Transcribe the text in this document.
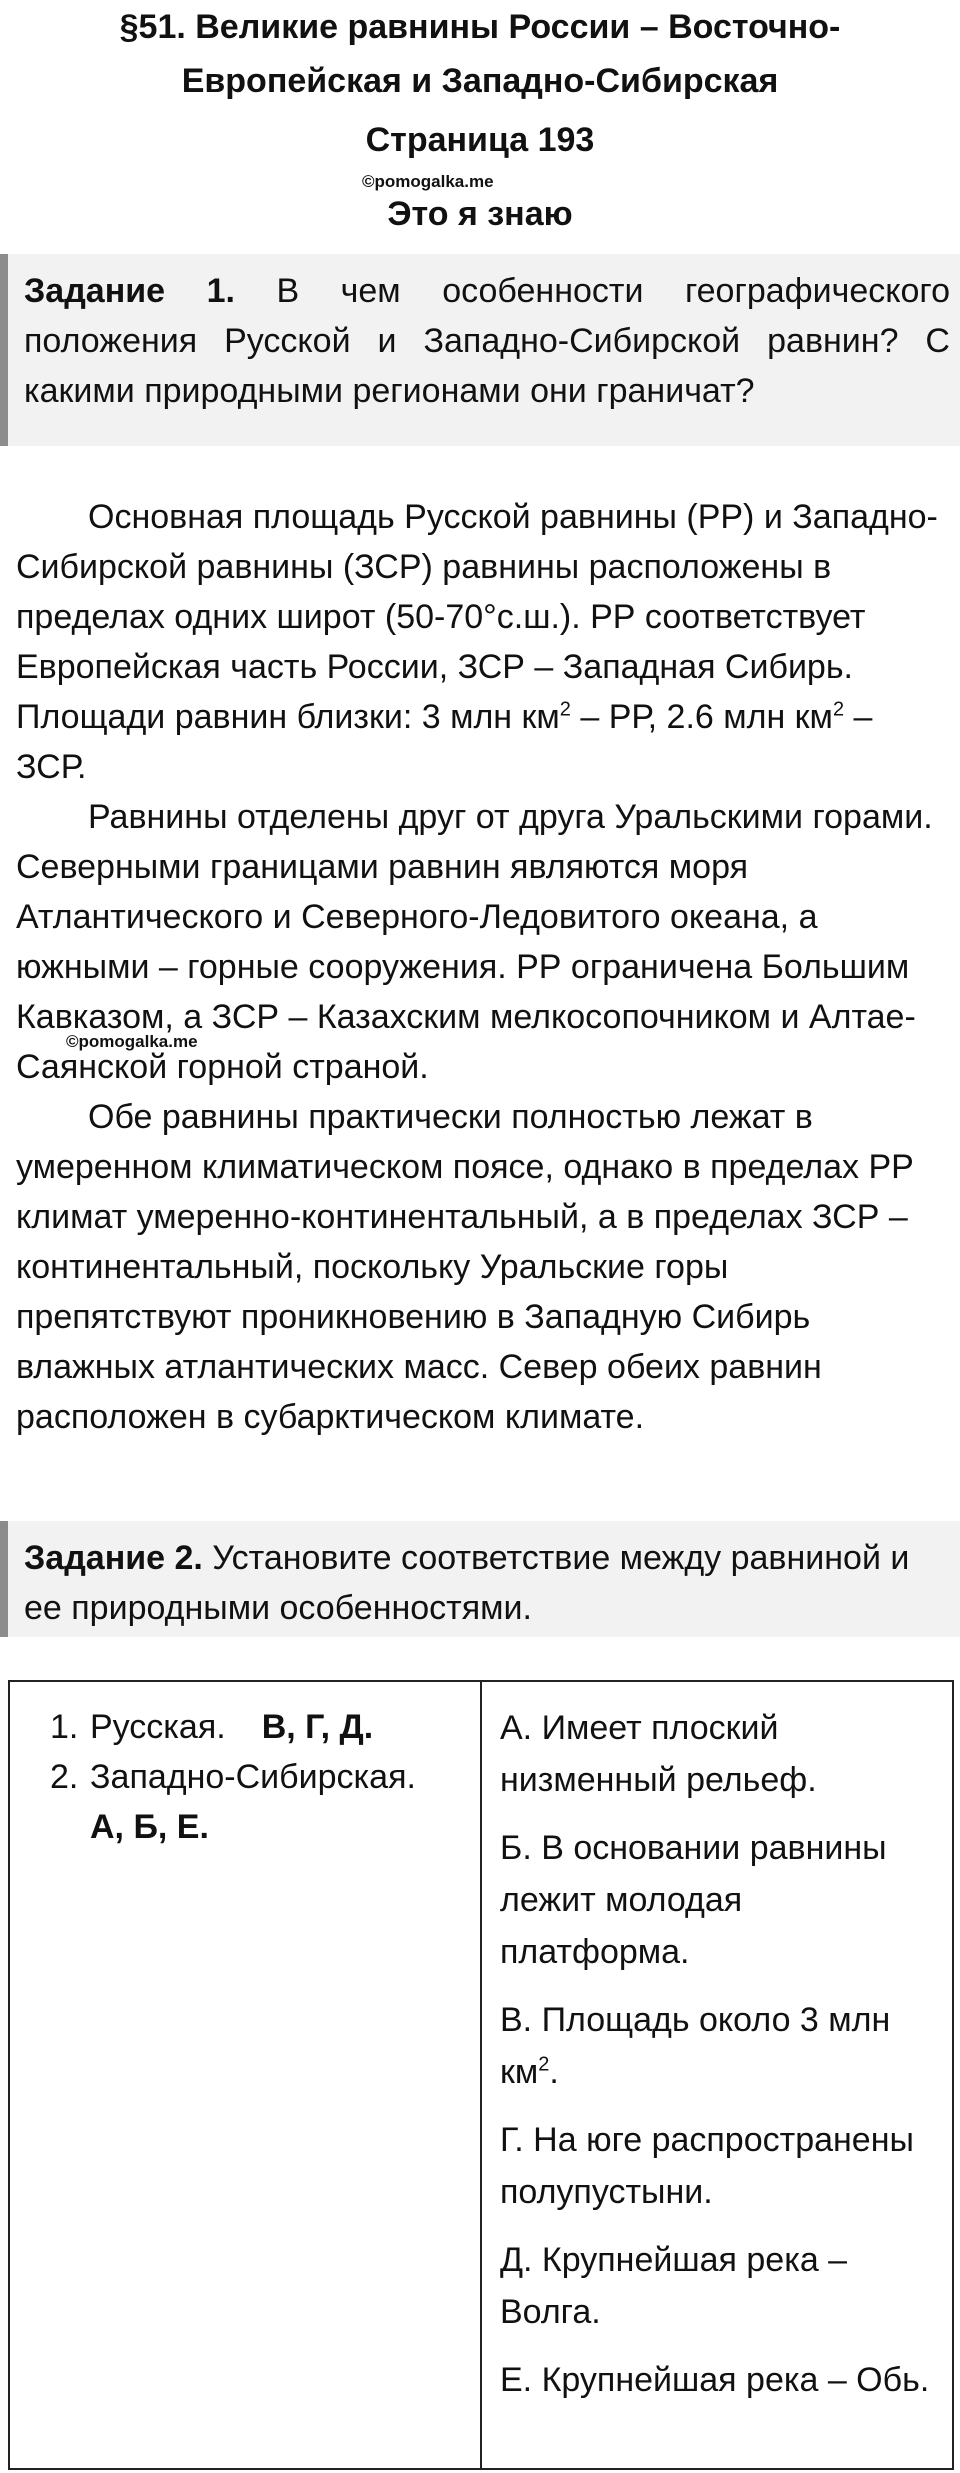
§51. Великие равнины России – Восточно-
Европейская и Западно-Сибирская
Страница 193
©pomogalka.me
Это я знаю
Задание 1. В чем особенности географического положения Русской и Западно-Сибирской равнин? С какими природными регионами они граничат?

Основная площадь Русской равнины (РР) и Западно-Сибирской равнины (ЗСР) равнины расположены в пределах одних широт (50-70°с.ш.). РР соответствует Европейская часть России, ЗСР – Западная Сибирь. Площади равнин близки: 3 млн $км^2$ – РР, 2.6 млн $км^2$ – ЗСР.

Равнины отделены друг от друга Уральскими горами. Северными границами равнин являются моря Атлантического и Северного-Ледовитого океана, а южными – горные сооружения. РР ограничена Большим Кавказом, а ЗСР – Казахским мелкосопочником и Алтае-Саянской горной страной.

Обе равнины практически полностью лежат в умеренном климатическом поясе, однако в пределах РР климат умеренно-континентальный, а в пределах ЗСР – континентальный, поскольку Уральские горы препятствуют проникновению в Западную Сибирь влажных атлантических масс. Север обеих равнин расположен в субарктическом климате.

©pomogalka.me
Задание 2. Установите соответствие между равниной и ее природными особенностями.
1. Русская. В, Г, Д.
2. Западно-Сибирская.
А, Б, Е.
А. Имеет плоский низменный рельеф.
Б. В основании равнины лежит молодая платформа.
В. Площадь около 3 млн $км^2$.
Г. На юге распространены полупустыни.
Д. Крупнейшая река – Волга.
Е. Крупнейшая река – Обь.
